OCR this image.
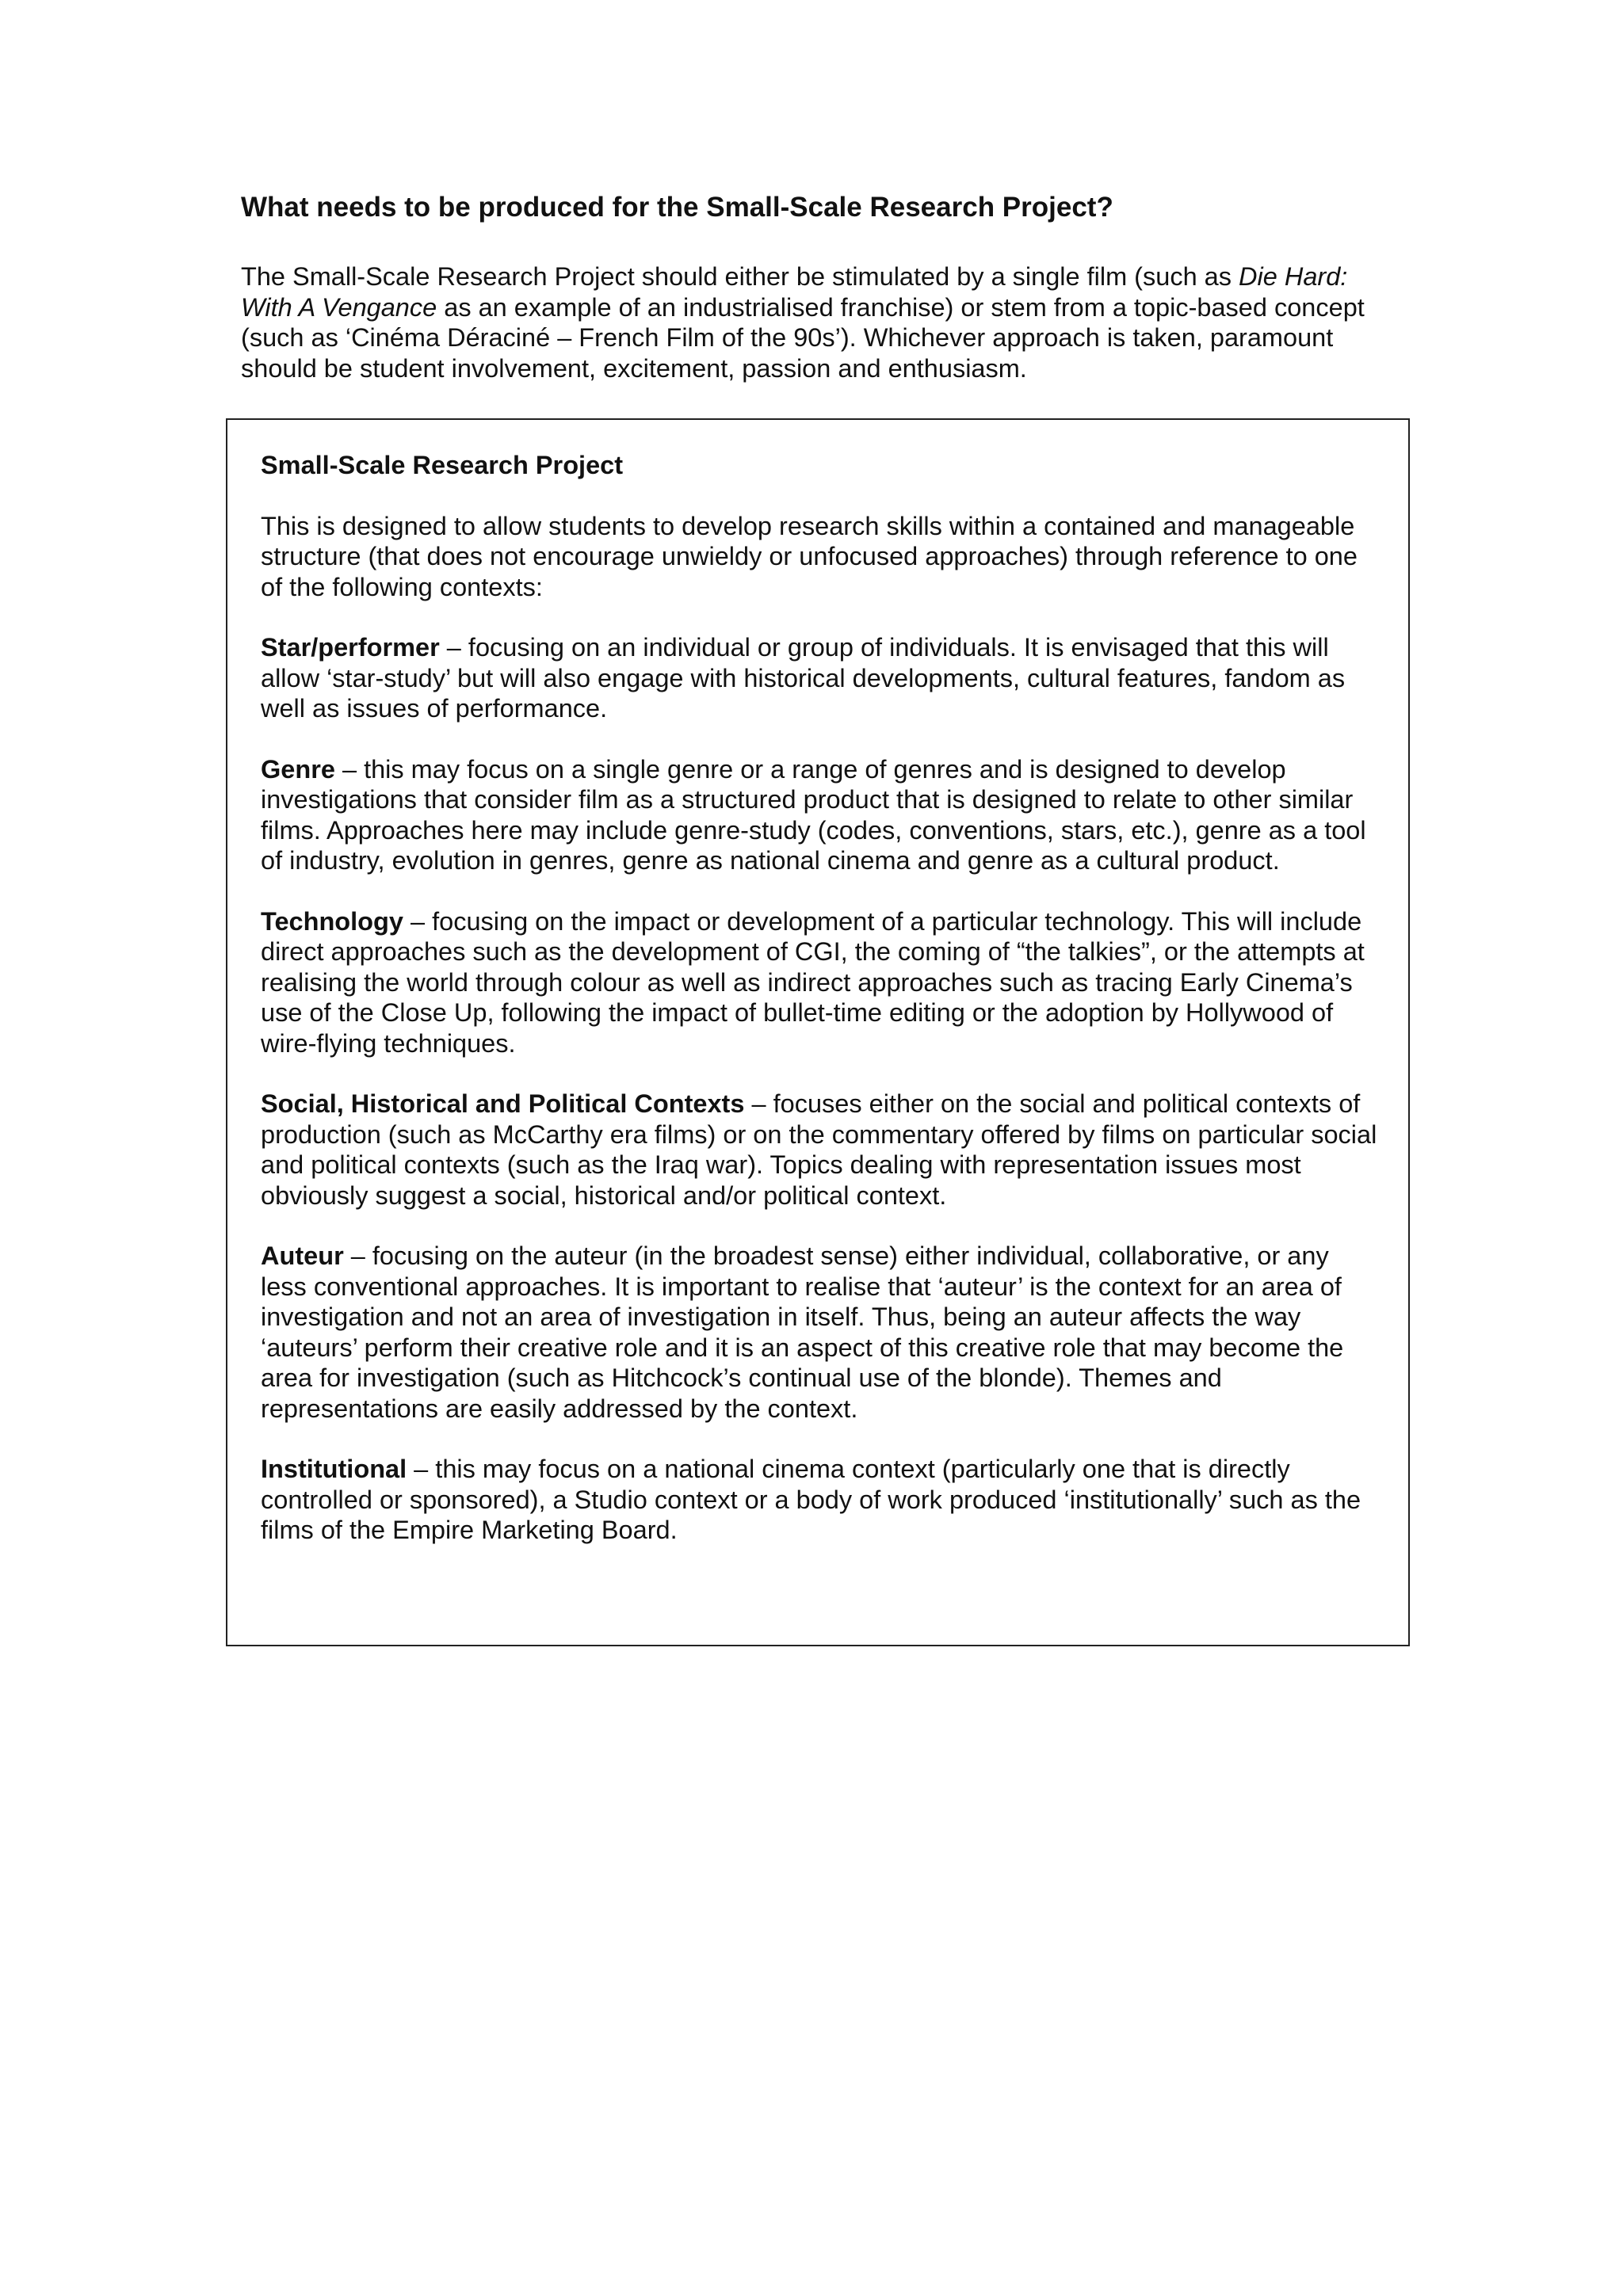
What needs to be produced for the Small-Scale Research Project?

The Small-Scale Research Project should either be stimulated by a single film (such as Die Hard: With A Vengance as an example of an industrialised franchise) or stem from a topic-based concept (such as ‘Cinéma Déraciné – French Film of the 90s’). Whichever approach is taken, paramount should be student involvement, excitement, passion and enthusiasm.

Small-Scale Research Project

This is designed to allow students to develop research skills within a contained and manageable structure (that does not encourage unwieldy or unfocused approaches) through reference to one of the following contexts:

Star/performer – focusing on an individual or group of individuals. It is envisaged that this will allow ‘star-study’ but will also engage with historical developments, cultural features, fandom as well as issues of performance.

Genre – this may focus on a single genre or a range of genres and is designed to develop investigations that consider film as a structured product that is designed to relate to other similar films. Approaches here may include genre-study (codes, conventions, stars, etc.), genre as a tool of industry, evolution in genres, genre as national cinema and genre as a cultural product.

Technology – focusing on the impact or development of a particular technology. This will include direct approaches such as the development of CGI, the coming of “the talkies”, or the attempts at realising the world through colour as well as indirect approaches such as tracing Early Cinema’s use of the Close Up, following the impact of bullet-time editing or the adoption by Hollywood of wire-flying techniques.

Social, Historical and Political Contexts – focuses either on the social and political contexts of production (such as McCarthy era films) or on the commentary offered by films on particular social and political contexts (such as the Iraq war). Topics dealing with representation issues most obviously suggest a social, historical and/or political context.

Auteur – focusing on the auteur (in the broadest sense) either individual, collaborative, or any less conventional approaches. It is important to realise that ‘auteur’ is the context for an area of investigation and not an area of investigation in itself. Thus, being an auteur affects the way ‘auteurs’ perform their creative role and it is an aspect of this creative role that may become the area for investigation (such as Hitchcock’s continual use of the blonde). Themes and representations are easily addressed by the context.

Institutional – this may focus on a national cinema context (particularly one that is directly controlled or sponsored), a Studio context or a body of work produced ‘institutionally’ such as the films of the Empire Marketing Board.
